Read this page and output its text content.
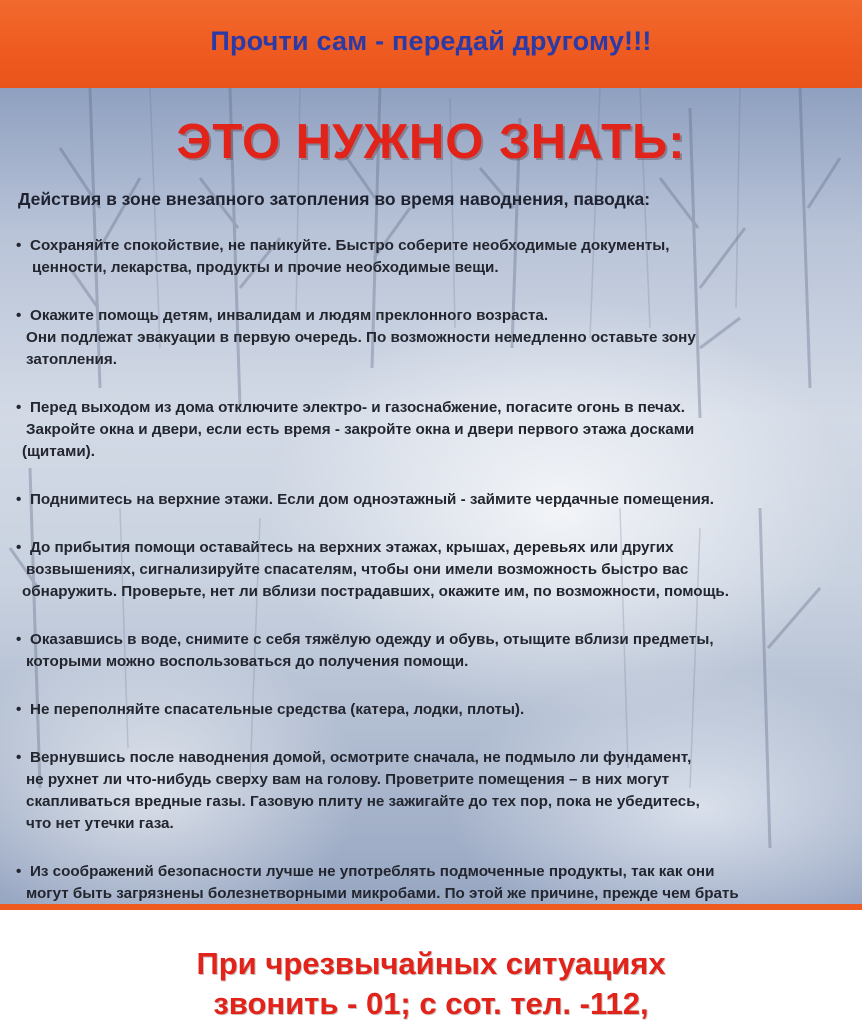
Прочти сам - передай другому!!!
ЭТО НУЖНО ЗНАТЬ:
Действия в зоне внезапного затопления во время наводнения, паводка:
• Сохраняйте спокойствие, не паникуйте. Быстро соберите необходимые документы,
ценности, лекарства, продукты и прочие необходимые вещи.
• Окажите помощь детям, инвалидам и людям преклонного возраста.
Они подлежат эвакуации в первую очередь. По возможности немедленно оставьте зону
затопления.
• Перед выходом из дома отключите электро- и газоснабжение, погасите огонь в печах.
Закройте окна и двери, если есть время - закройте окна и двери первого этажа досками
(щитами).
• Поднимитесь на верхние этажи. Если дом одноэтажный - займите чердачные помещения.
• До прибытия помощи оставайтесь на верхних этажах, крышах, деревьях или других
возвышениях, сигнализируйте спасателям, чтобы они имели возможность быстро вас
обнаружить. Проверьте, нет ли вблизи пострадавших, окажите им, по возможности, помощь.
• Оказавшись в воде, снимите с себя тяжёлую одежду и обувь, отыщите вблизи предметы,
которыми можно воспользоваться до получения помощи.
• Не переполняйте спасательные средства (катера, лодки, плоты).
• Вернувшись после наводнения домой, осмотрите сначала, не подмыло ли фундамент,
не рухнет ли что-нибудь сверху вам на голову. Проветрите помещения – в них могут
скапливаться вредные газы. Газовую плиту не зажигайте до тех пор, пока не убедитесь,
что нет утечки газа.
• Из соображений безопасности лучше не употреблять подмоченные продукты, так как они
могут быть загрязнены болезнетворными микробами. По этой же причине, прежде чем брать
При чрезвычайных ситуациях
звонить - 01; с сот. тел. -112,
